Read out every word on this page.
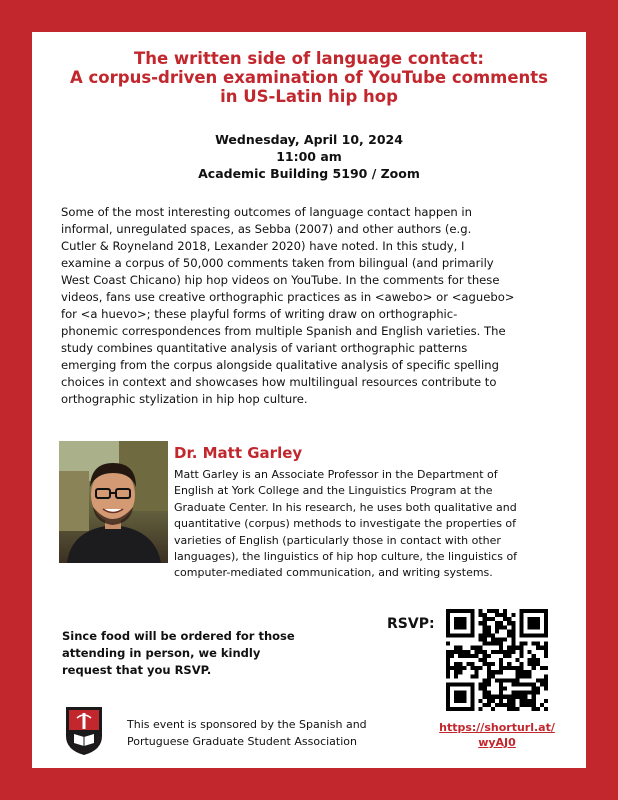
The written side of language contact:
A corpus-driven examination of YouTube comments
in US-Latin hip hop
Wednesday, April 10, 2024
11:00 am
Academic Building 5190 / Zoom
Some of the most interesting outcomes of language contact happen in
informal, unregulated spaces, as Sebba (2007) and other authors (e.g.
Cutler & Royneland 2018, Lexander 2020) have noted. In this study, I
examine a corpus of 50,000 comments taken from bilingual (and primarily
West Coast Chicano) hip hop videos on YouTube. In the comments for these
videos, fans use creative orthographic practices as in <awebo> or <aguebo>
for <a huevo>; these playful forms of writing draw on orthographic-
phonemic correspondences from multiple Spanish and English varieties. The
study combines quantitative analysis of variant orthographic patterns
emerging from the corpus alongside qualitative analysis of specific spelling
choices in context and showcases how multilingual resources contribute to
orthographic stylization in hip hop culture.
Dr. Matt Garley
Matt Garley is an Associate Professor in the Department of
English at York College and the Linguistics Program at the
Graduate Center. In his research, he uses both qualitative and
quantitative (corpus) methods to investigate the properties of
varieties of English (particularly those in contact with other
languages), the linguistics of hip hop culture, the linguistics of
computer-mediated communication, and writing systems.
Since food will be ordered for those
attending in person, we kindly
request that you RSVP.
RSVP:
https://shorturl.at/
wyAJ0
This event is sponsored by the Spanish and
Portuguese Graduate Student Association
